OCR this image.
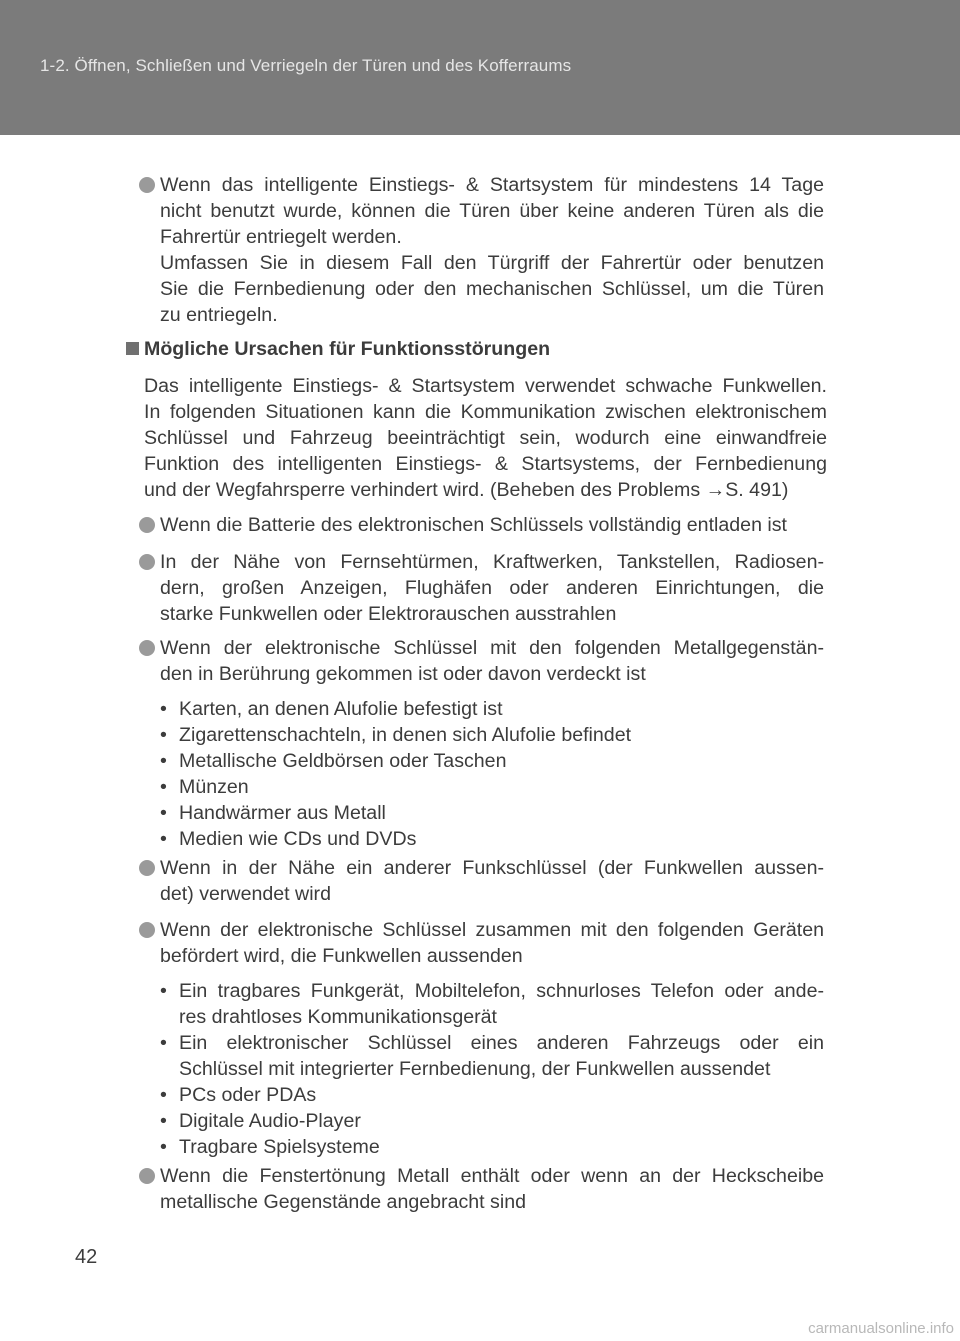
1-2. Öffnen, Schließen und Verriegeln der Türen und des Kofferraums
Wenn das intelligente Einstiegs- & Startsystem für mindestens 14 Tage
nicht benutzt wurde, können die Türen über keine anderen Türen als die
Fahrertür entriegelt werden.
Umfassen Sie in diesem Fall den Türgriff der Fahrertür oder benutzen
Sie die Fernbedienung oder den mechanischen Schlüssel, um die Türen
zu entriegeln.
Mögliche Ursachen für Funktionsstörungen
Das intelligente Einstiegs- & Startsystem verwendet schwache Funkwellen.
In folgenden Situationen kann die Kommunikation zwischen elektronischem
Schlüssel und Fahrzeug beeinträchtigt sein, wodurch eine einwandfreie
Funktion des intelligenten Einstiegs- & Startsystems, der Fernbedienung
und der Wegfahrsperre verhindert wird. (Beheben des Problems →S. 491)
Wenn die Batterie des elektronischen Schlüssels vollständig entladen ist
In der Nähe von Fernsehtürmen, Kraftwerken, Tankstellen, Radiosen-
dern, großen Anzeigen, Flughäfen oder anderen Einrichtungen, die
starke Funkwellen oder Elektrorauschen ausstrahlen
Wenn der elektronische Schlüssel mit den folgenden Metallgegenstän-
den in Berührung gekommen ist oder davon verdeckt ist
• Karten, an denen Alufolie befestigt ist
• Zigarettenschachteln, in denen sich Alufolie befindet
• Metallische Geldbörsen oder Taschen
• Münzen
• Handwärmer aus Metall
• Medien wie CDs und DVDs
Wenn in der Nähe ein anderer Funkschlüssel (der Funkwellen aussen-
det) verwendet wird
Wenn der elektronische Schlüssel zusammen mit den folgenden Geräten
befördert wird, die Funkwellen aussenden
• Ein tragbares Funkgerät, Mobiltelefon, schnurloses Telefon oder ande-
res drahtloses Kommunikationsgerät
• Ein elektronischer Schlüssel eines anderen Fahrzeugs oder ein
Schlüssel mit integrierter Fernbedienung, der Funkwellen aussendet
• PCs oder PDAs
• Digitale Audio-Player
• Tragbare Spielsysteme
Wenn die Fenstertönung Metall enthält oder wenn an der Heckscheibe
metallische Gegenstände angebracht sind
42
carmanualsonline.info
